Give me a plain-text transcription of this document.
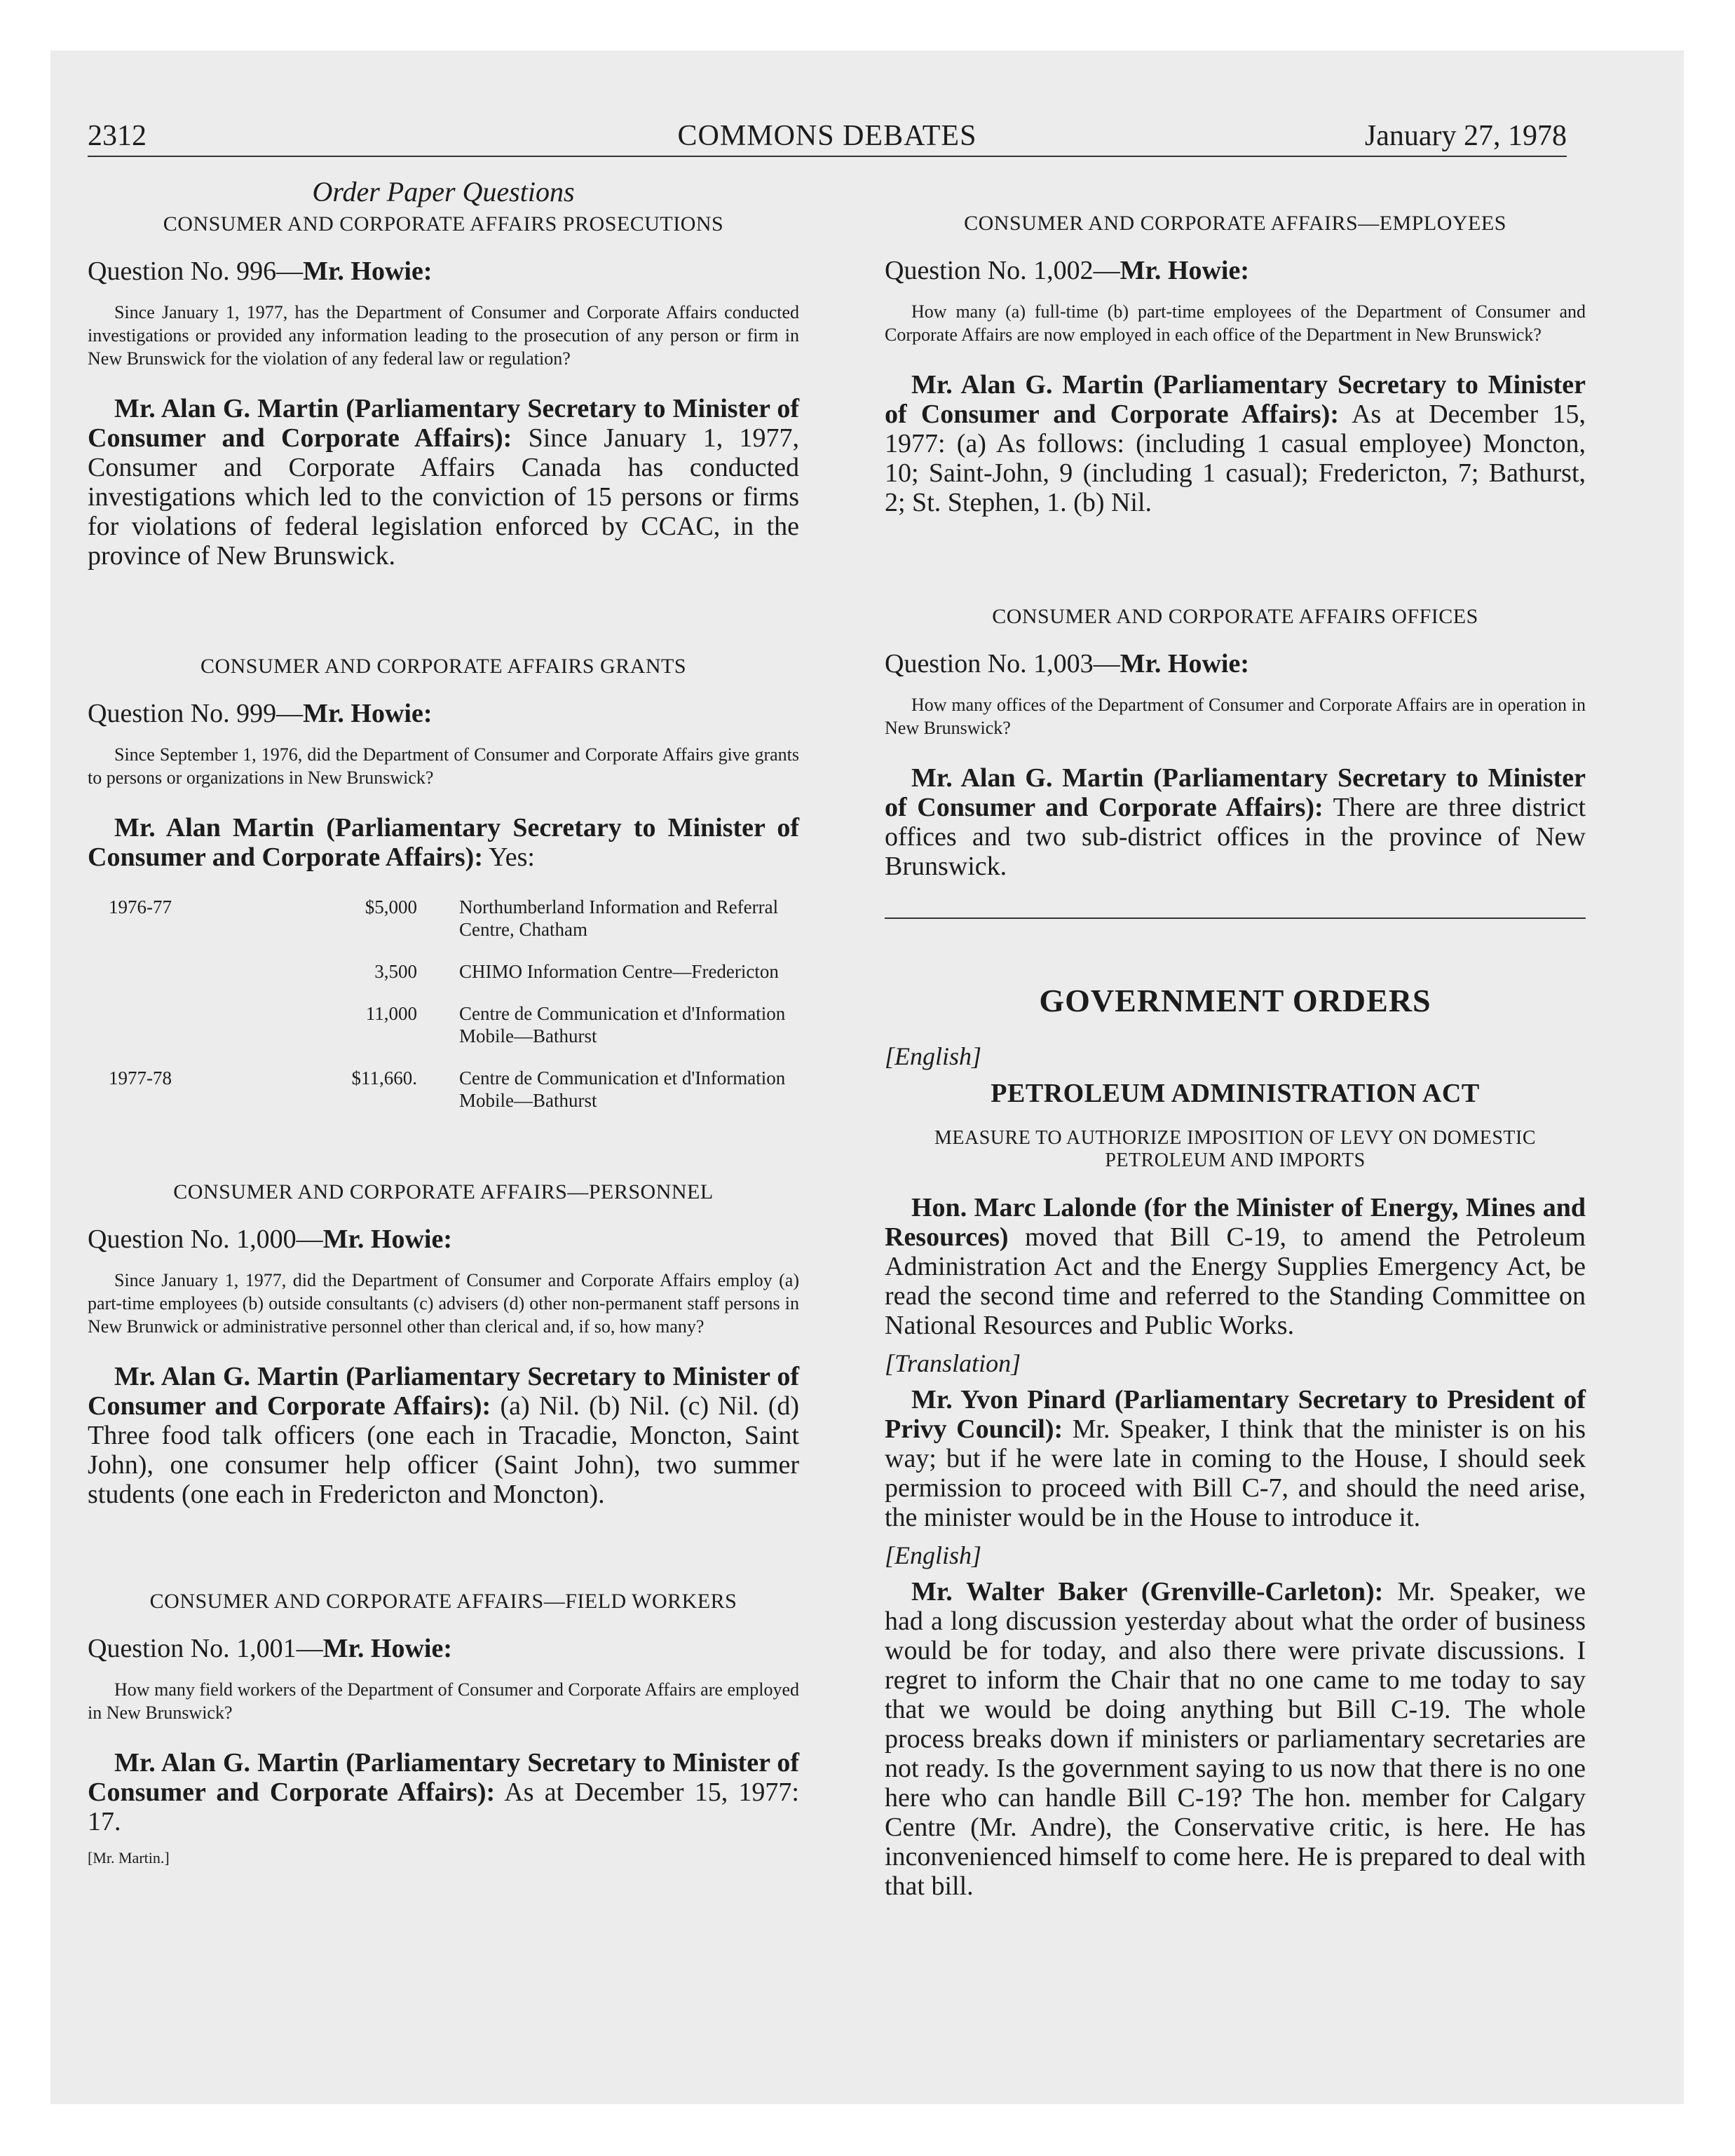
2312	COMMONS DEBATES	January 27, 1978
Order Paper Questions
CONSUMER AND CORPORATE AFFAIRS PROSECUTIONS
Question No. 996—Mr. Howie:

Since January 1, 1977, has the Department of Consumer and Corporate Affairs conducted investigations or provided any information leading to the prosecution of any person or firm in New Brunswick for the violation of any federal law or regulation?

Mr. Alan G. Martin (Parliamentary Secretary to Minister of Consumer and Corporate Affairs): Since January 1, 1977, Consumer and Corporate Affairs Canada has conducted investigations which led to the conviction of 15 persons or firms for violations of federal legislation enforced by CCAC, in the province of New Brunswick.

CONSUMER AND CORPORATE AFFAIRS GRANTS
Question No. 999—Mr. Howie:

Since September 1, 1976, did the Department of Consumer and Corporate Affairs give grants to persons or organizations in New Brunswick?

Mr. Alan Martin (Parliamentary Secretary to Minister of Consumer and Corporate Affairs): Yes:

1976-77	$5,000	Northumberland Information and Referral Centre, Chatham
	3,500	CHIMO Information Centre—Fredericton
	11,000	Centre de Communication et d'Information Mobile—Bathurst
1977-78	$11,660.	Centre de Communication et d'Information Mobile—Bathurst
CONSUMER AND CORPORATE AFFAIRS—PERSONNEL
Question No. 1,000—Mr. Howie:

Since January 1, 1977, did the Department of Consumer and Corporate Affairs employ (a) part-time employees (b) outside consultants (c) advisers (d) other non-permanent staff persons in New Brunwick or administrative personnel other than clerical and, if so, how many?

Mr. Alan G. Martin (Parliamentary Secretary to Minister of Consumer and Corporate Affairs): (a) Nil. (b) Nil. (c) Nil. (d) Three food talk officers (one each in Tracadie, Moncton, Saint John), one consumer help officer (Saint John), two summer students (one each in Fredericton and Moncton).

CONSUMER AND CORPORATE AFFAIRS—FIELD WORKERS
Question No. 1,001—Mr. Howie:

How many field workers of the Department of Consumer and Corporate Affairs are employed in New Brunswick?

Mr. Alan G. Martin (Parliamentary Secretary to Minister of Consumer and Corporate Affairs): As at December 15, 1977: 17.

[Mr. Martin.]
CONSUMER AND CORPORATE AFFAIRS—EMPLOYEES
Question No. 1,002—Mr. Howie:

How many (a) full-time (b) part-time employees of the Department of Consumer and Corporate Affairs are now employed in each office of the Department in New Brunswick?

Mr. Alan G. Martin (Parliamentary Secretary to Minister of Consumer and Corporate Affairs): As at December 15, 1977: (a) As follows: (including 1 casual employee) Moncton, 10; Saint-John, 9 (including 1 casual); Fredericton, 7; Bathurst, 2; St. Stephen, 1. (b) Nil.

CONSUMER AND CORPORATE AFFAIRS OFFICES
Question No. 1,003—Mr. Howie:

How many offices of the Department of Consumer and Corporate Affairs are in operation in New Brunswick?

Mr. Alan G. Martin (Parliamentary Secretary to Minister of Consumer and Corporate Affairs): There are three district offices and two sub-district offices in the province of New Brunswick.

GOVERNMENT ORDERS
[English]
PETROLEUM ADMINISTRATION ACT
MEASURE TO AUTHORIZE IMPOSITION OF LEVY ON DOMESTIC PETROLEUM AND IMPORTS

Hon. Marc Lalonde (for the Minister of Energy, Mines and Resources) moved that Bill C-19, to amend the Petroleum Administration Act and the Energy Supplies Emergency Act, be read the second time and referred to the Standing Committee on National Resources and Public Works.

[Translation]

Mr. Yvon Pinard (Parliamentary Secretary to President of Privy Council): Mr. Speaker, I think that the minister is on his way; but if he were late in coming to the House, I should seek permission to proceed with Bill C-7, and should the need arise, the minister would be in the House to introduce it.

[English]

Mr. Walter Baker (Grenville-Carleton): Mr. Speaker, we had a long discussion yesterday about what the order of business would be for today, and also there were private discussions. I regret to inform the Chair that no one came to me today to say that we would be doing anything but Bill C-19. The whole process breaks down if ministers or parliamentary secretaries are not ready. Is the government saying to us now that there is no one here who can handle Bill C-19? The hon. member for Calgary Centre (Mr. Andre), the Conservative critic, is here. He has inconvenienced himself to come here. He is prepared to deal with that bill.
